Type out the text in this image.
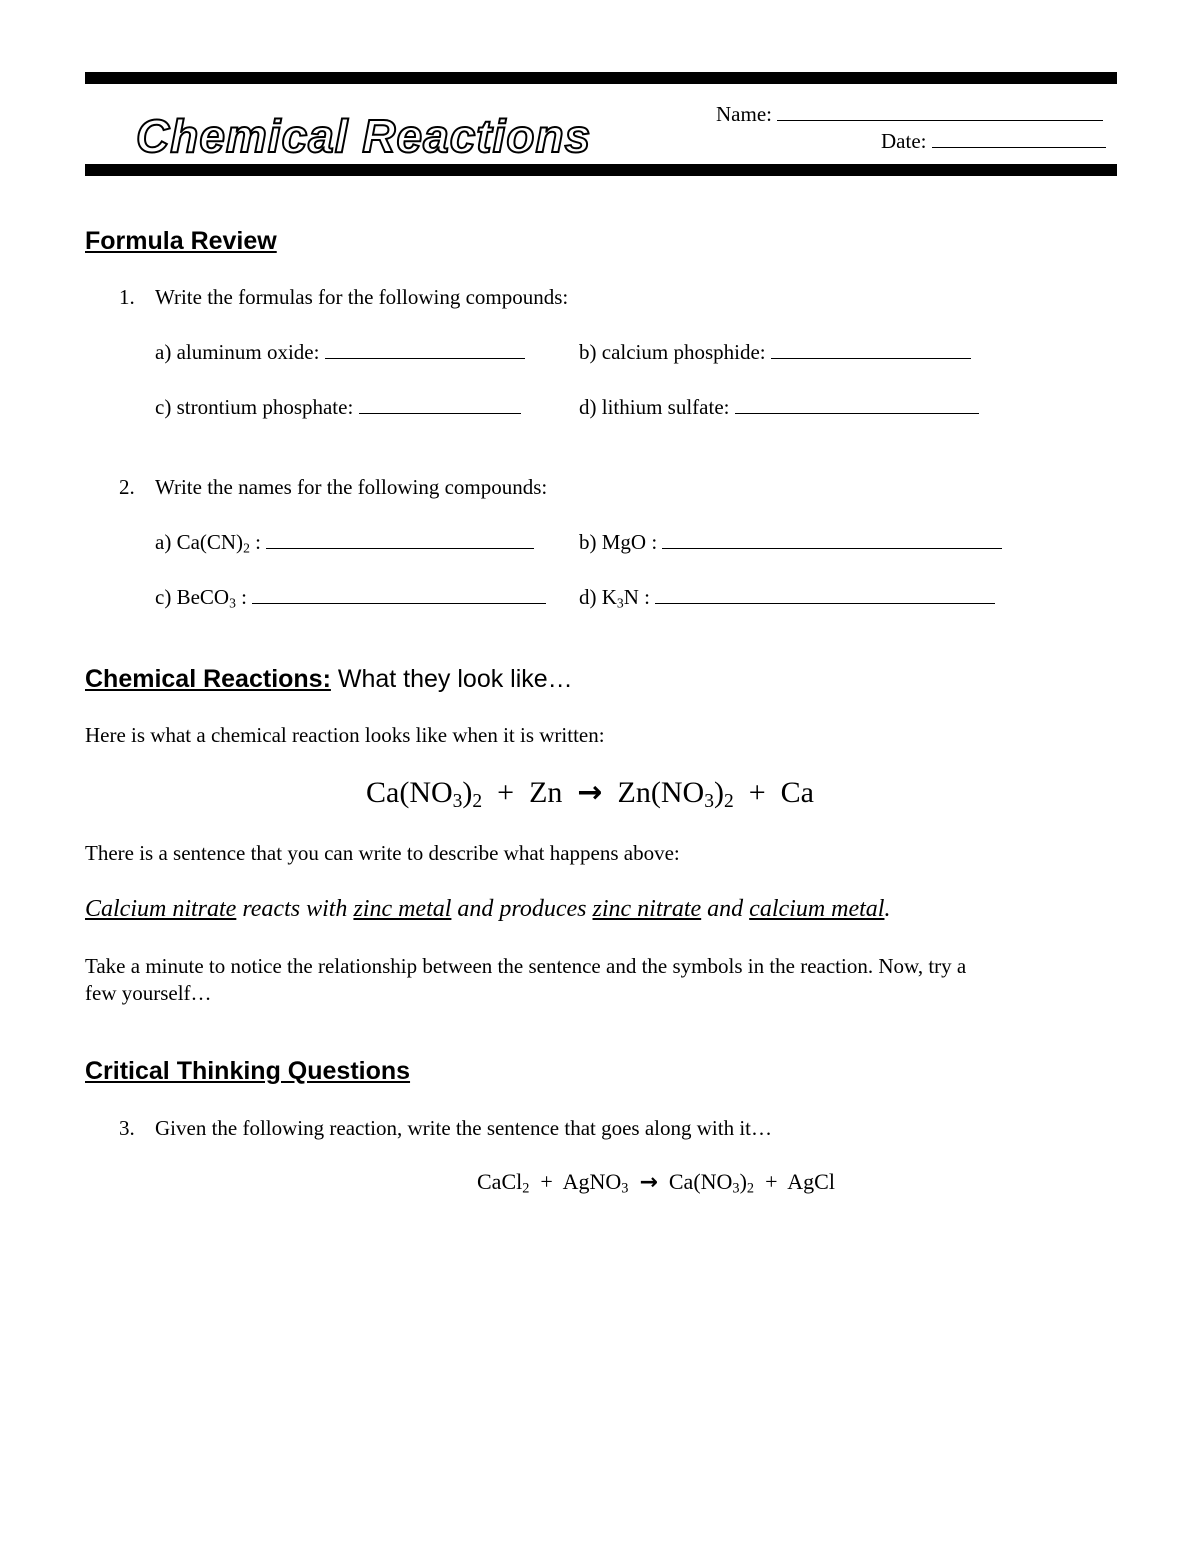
Chemical Reactions	Name:
Date:
Formula Review
1. Write the formulas for the following compounds:
a) aluminum oxide:	b) calcium phosphide:
c) strontium phosphate:	d) lithium sulfate:
2. Write the names for the following compounds:
a) $Ca(CN)_2$ :	b) MgO :
c) BeCO$_3$ :	d) $K_3N$ :
Chemical Reactions: What they look like…
Here is what a chemical reaction looks like when it is written:
$Ca(NO_3)_2 + Zn \to Zn(NO_3)_2 + Ca$
There is a sentence that you can write to describe what happens above:
Calcium nitrate reacts with zinc metal and produces zinc nitrate and calcium metal.
Take a minute to notice the relationship between the sentence and the symbols in the reaction. Now, try a
few yourself…
Critical Thinking Questions
3. Given the following reaction, write the sentence that goes along with it…
CaCl$_2$ + AgNO$_3$ → $Ca(NO_3)_2$ + AgCl
